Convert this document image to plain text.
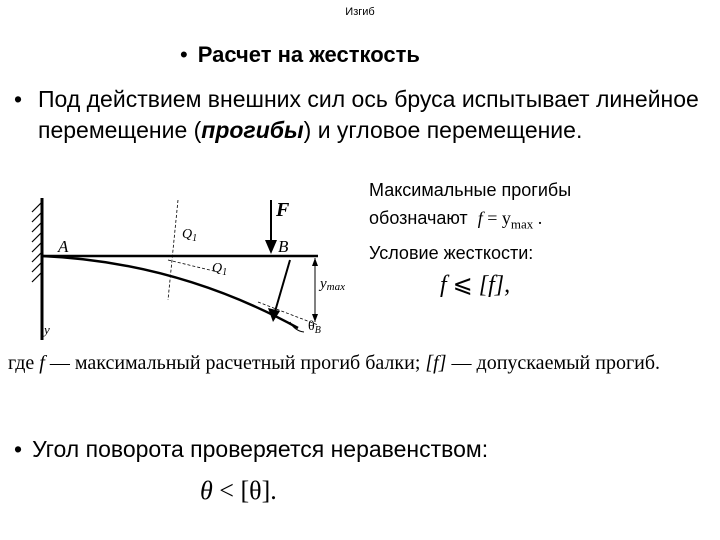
Изгиб
• Расчет на жесткость
• Под действием внешних сил ось бруса испытывает линейное перемещение (прогибы) и угловое перемещение.
F
A	B
$Q_1$
$Q_1$
ymax
$\theta_B$
y
Максимальные прогибы
обозначают $f = y_{max}$ .
Условие жесткости:
f ⩽ [f],
где f — максимальный расчетный прогиб балки; [f] — допускаемый прогиб.
• Угол поворота проверяется неравенством:
θ < [θ].
